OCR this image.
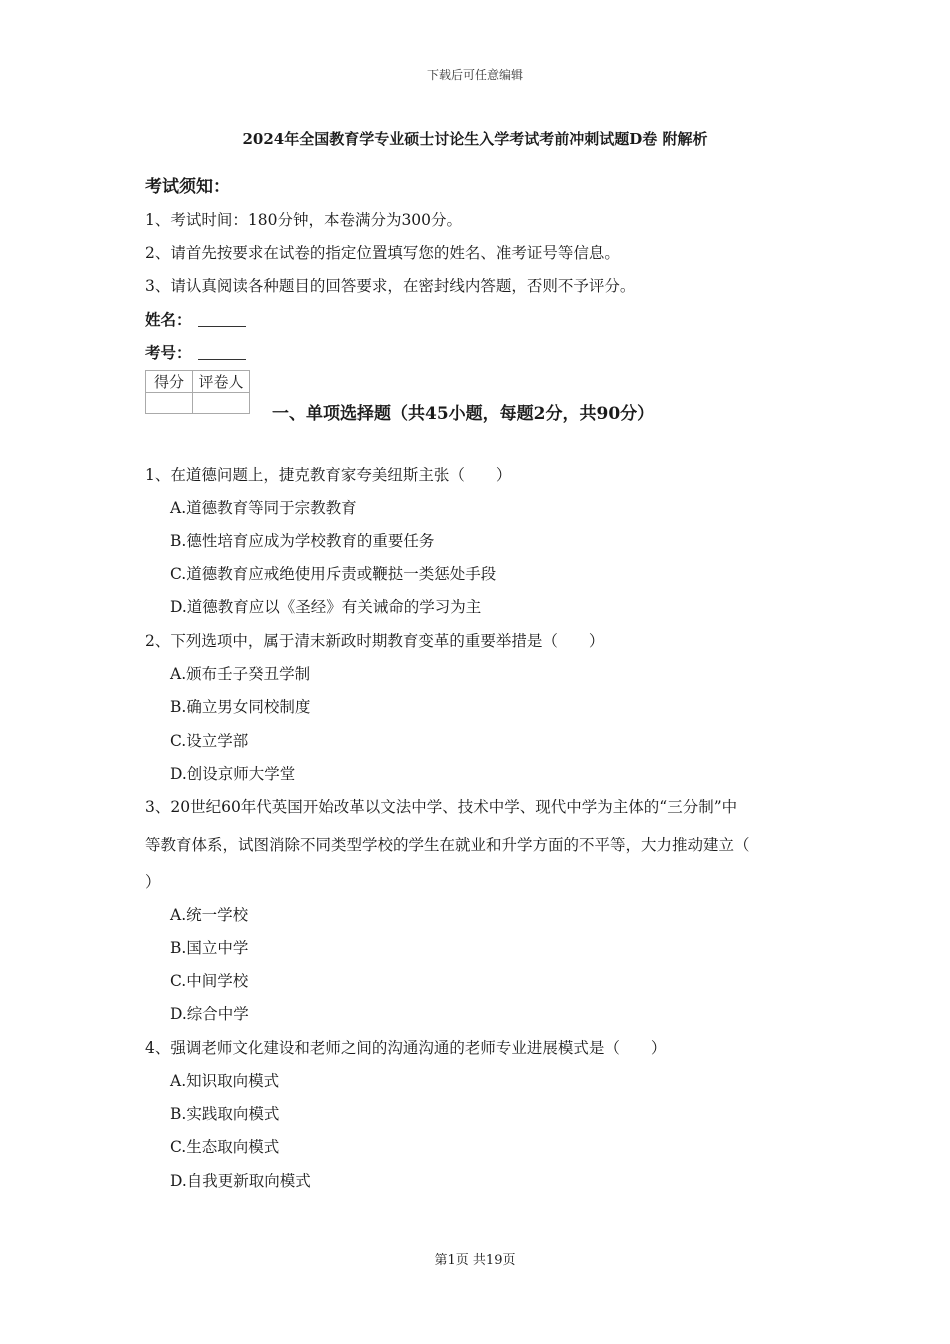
下载后可任意编辑
2024年全国教育学专业硕士讨论生入学考试考前冲刺试题D卷 附解析
考试须知：
1、考试时间：180分钟，本卷满分为300分。
2、请首先按要求在试卷的指定位置填写您的姓名、准考证号等信息。
3、请认真阅读各种题目的回答要求，在密封线内答题，否则不予评分。
姓名：
考号：
得分	评卷人

一、单项选择题（共45小题，每题2分，共90分）
1、在道德问题上，捷克教育家夸美纽斯主张（　　）
A.道德教育等同于宗教教育
B.德性培育应成为学校教育的重要任务
C.道德教育应戒绝使用斥责或鞭挞一类惩处手段
D.道德教育应以《圣经》有关诫命的学习为主
2、下列选项中，属于清末新政时期教育变革的重要举措是（　　）
A.颁布壬子癸丑学制
B.确立男女同校制度
C.设立学部
D.创设京师大学堂
3、20世纪60年代英国开始改革以文法中学、技术中学、现代中学为主体的“三分制”中
等教育体系，试图消除不同类型学校的学生在就业和升学方面的不平等，大力推动建立（
）
A.统一学校
B.国立中学
C.中间学校
D.综合中学
4、强调老师文化建设和老师之间的沟通沟通的老师专业进展模式是（　　）
A.知识取向模式
B.实践取向模式
C.生态取向模式
D.自我更新取向模式
第1页 共19页
